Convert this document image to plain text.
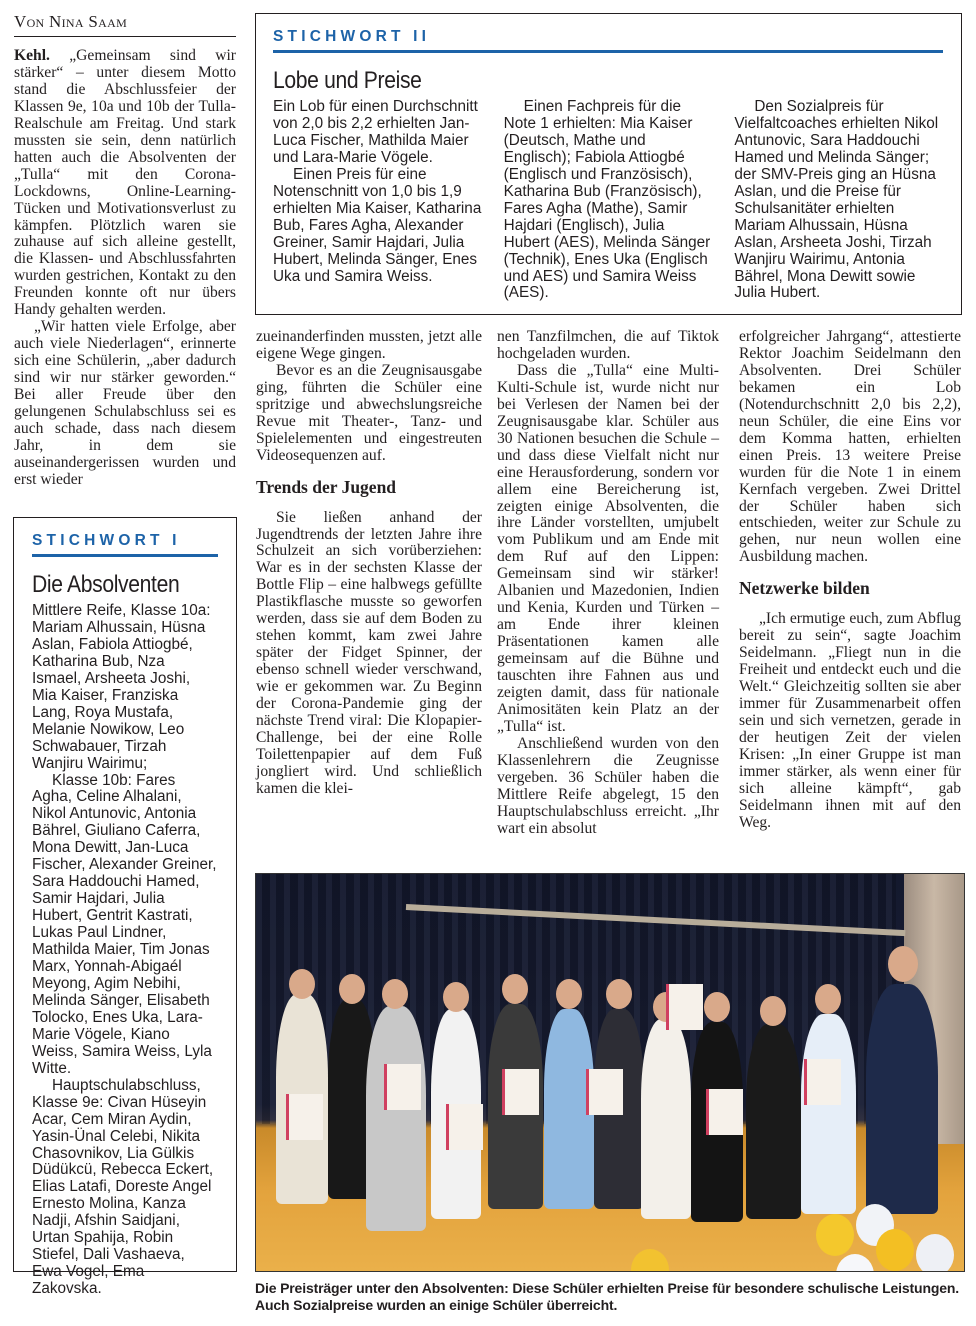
Von Nina Saam

Kehl. „Gemeinsam sind wir stärker“ – unter diesem Motto stand die Abschlussfeier der Klassen 9e, 10a und 10b der Tulla-Realschule am Freitag. Und stark mussten sie sein, denn natürlich hatten auch die Absolventen der „Tulla“ mit den Corona-Lockdowns, Online-Learning-Tücken und Motivationsverlust zu kämpfen. Plötzlich waren sie zuhause auf sich alleine gestellt, die Klassen- und Abschlussfahrten wurden gestrichen, Kontakt zu den Freunden konnte oft nur übers Handy gehalten werden.

„Wir hatten viele Erfolge, aber auch viele Niederlagen“, erinnerte sich eine Schülerin, „aber dadurch sind wir nur stärker geworden.“ Bei aller Freude über den gelungenen Schulabschluss sei es auch schade, dass nach diesem Jahr, in dem sie auseinandergerissen wurden und erst wieder

STICHWORT II
Lobe und Preise

Ein Lob für einen Durchschnitt von 2,0 bis 2,2 erhielten Jan-Luca Fischer, Mathilda Maier und Lara-Marie Vögele.

Einen Preis für eine Notenschnitt von 1,0 bis 1,9 erhielten Mia Kaiser, Katharina Bub, Fares Agha, Alexander Greiner, Samir Hajdari, Julia Hubert, Melinda Sänger, Enes Uka und Samira Weiss.

Einen Fachpreis für die Note 1 erhielten: Mia Kaiser (Deutsch, Mathe und Englisch); Fabiola Attiogbé (Englisch und Französisch), Katharina Bub (Französisch), Fares Agha (Mathe), Samir Hajdari (Englisch), Julia Hubert (AES), Melinda Sänger (Technik), Enes Uka (Englisch und AES) und Samira Weiss (AES).

Den Sozialpreis für Vielfaltcoaches erhielten Nikol Antunovic, Sara Haddouchi Hamed und Melinda Sänger; der SMV-Preis ging an Hüsna Aslan, und die Preise für Schulsanitäter erhielten Mariam Alhussain, Hüsna Aslan, Arsheeta Joshi, Tirzah Wanjiru Wairimu, Antonia Bährel, Mona Dewitt sowie Julia Hubert.

zueinanderfinden mussten, jetzt alle eigene Wege gingen.

Bevor es an die Zeugnisausgabe ging, führten die Schüler eine spritzige und abwechslungsreiche Revue mit Theater-, Tanz- und Spielelementen und eingestreuten Videosequenzen auf.

Trends der Jugend

Sie ließen anhand der Jugendtrends der letzten Jahre ihre Schulzeit an sich vorüberziehen: War es in der sechsten Klasse der Bottle Flip – eine halbwegs gefüllte Plastikflasche musste so geworfen werden, dass sie auf dem Boden zu stehen kommt, kam zwei Jahre später der Fidget Spinner, der ebenso schnell wieder verschwand, wie er gekommen war. Zu Beginn der Corona-Pandemie ging der nächste Trend viral: Die Klopapier-Challenge, bei der eine Rolle Toilettenpapier auf dem Fuß jongliert wird. Und schließlich kamen die klei-

nen Tanzfilmchen, die auf Tiktok hochgeladen wurden.

Dass die „Tulla“ eine Multi-Kulti-Schule ist, wurde nicht nur bei Verlesen der Namen bei der Zeugnisausgabe klar. Schüler aus 30 Nationen besuchen die Schule – und dass diese Vielfalt nicht nur eine Herausforderung, sondern vor allem eine Bereicherung ist, zeigten einige Absolventen, die ihre Länder vorstellten, umjubelt vom Publikum und am Ende mit dem Ruf auf den Lippen: Gemeinsam sind wir stärker! Albanien und Mazedonien, Indien und Kenia, Kurden und Türken – am Ende ihrer kleinen Präsentationen kamen alle gemeinsam auf die Bühne und tauschten ihre Fahnen aus und zeigten damit, dass für nationale Animositäten kein Platz an der „Tulla“ ist.

Anschließend wurden von den Klassenlehrern die Zeugnisse vergeben. 36 Schüler haben die Mittlere Reife abgelegt, 15 den Hauptschulabschluss erreicht. „Ihr wart ein absolut

erfolgreicher Jahrgang“, attestierte Rektor Joachim Seidelmann den Absolventen. Drei Schüler bekamen ein Lob (Notendurchschnitt 2,0 bis 2,2), neun Schüler, die eine Eins vor dem Komma hatten, erhielten einen Preis. 13 weitere Preise wurden für die Note 1 in einem Kernfach vergeben. Zwei Drittel der Schüler haben sich entschieden, weiter zur Schule zu gehen, nur neun wollen eine Ausbildung machen.

Netzwerke bilden

„Ich ermutige euch, zum Abflug bereit zu sein“, sagte Joachim Seidelmann. „Fliegt nun in die Freiheit und entdeckt euch und die Welt.“ Gleichzeitig sollten sie aber immer für Zusammenarbeit offen sein und sich vernetzen, gerade in der heutigen Zeit der vielen Krisen: „In einer Gruppe ist man immer stärker, als wenn einer für sich alleine kämpft“, gab Seidelmann ihnen mit auf den Weg.

STICHWORT I
Die Absolventen

Mittlere Reife, Klasse 10a: Mariam Alhussain, Hüsna Aslan, Fabiola Attiogbé, Katharina Bub, Nza Ismael, Arsheeta Joshi, Mia Kaiser, Franziska Lang, Roya Mustafa, Melanie Nowikow, Leo Schwabauer, Tirzah Wanjiru Wairimu;

Klasse 10b: Fares Agha, Celine Alhalani, Nikol Antunovic, Antonia Bährel, Giuliano Caferra, Mona Dewitt, Jan-Luca Fischer, Alexander Greiner, Sara Haddouchi Hamed, Samir Hajdari, Julia Hubert, Gentrit Kastrati, Lukas Paul Lindner, Mathilda Maier, Tim Jonas Marx, Yonnah-Abigaél Meyong, Agim Nebihi, Melinda Sänger, Elisabeth Tolocko, Enes Uka, Lara-Marie Vögele, Kiano Weiss, Samira Weiss, Lyla Witte.

Hauptschulabschluss, Klasse 9e: Civan Hüseyin Acar, Cem Miran Aydin, Yasin-Ünal Celebi, Nikita Chasovnikov, Lia Gülkis Düdükcü, Rebecca Eckert, Elias Latafi, Doreste Angel Ernesto Molina, Kanza Nadji, Afshin Saidjani, Urtan Spahija, Robin Stiefel, Dali Vashaeva, Ewa Vogel, Ema Zakovska.	Die Preisträger unter den Absolventen: Diese Schüler erhielten Preise für besondere schulische Leistungen. Auch Sozialpreise wurden an einige Schüler überreicht.
